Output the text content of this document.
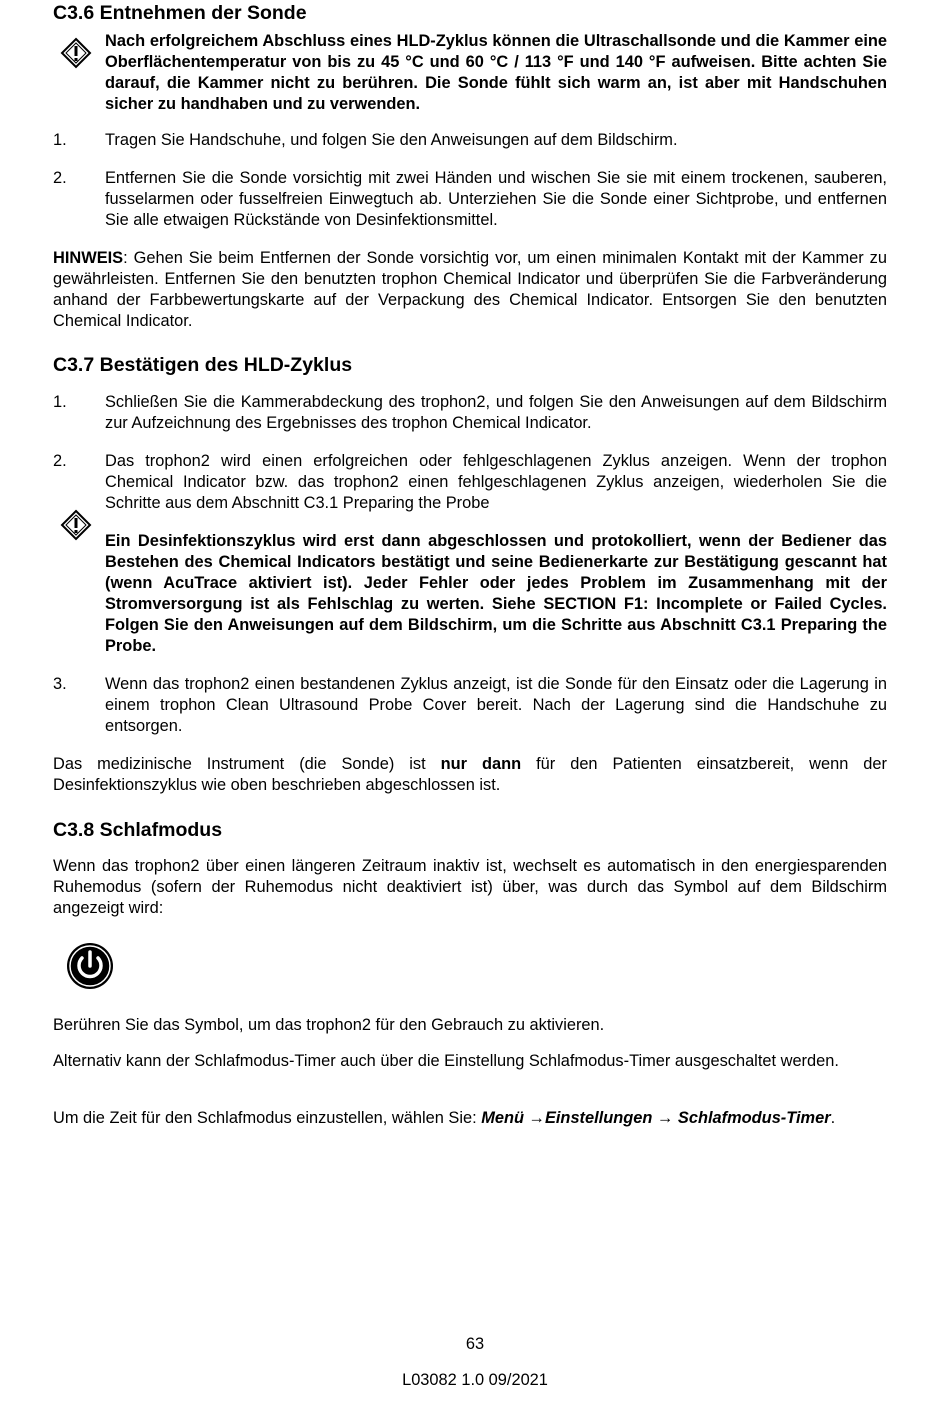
C3.6 Entnehmen der Sonde
Nach erfolgreichem Abschluss eines HLD-Zyklus können die Ultraschallsonde und die Kammer eine Oberflächentemperatur von bis zu 45 °C und 60 °C / 113 °F und 140 °F aufweisen. Bitte achten Sie darauf, die Kammer nicht zu berühren. Die Sonde fühlt sich warm an, ist aber mit Handschuhen sicher zu handhaben und zu verwenden.
1.	Tragen Sie Handschuhe, und folgen Sie den Anweisungen auf dem Bildschirm.
2.	Entfernen Sie die Sonde vorsichtig mit zwei Händen und wischen Sie sie mit einem trockenen, sauberen, fusselarmen oder fusselfreien Einwegtuch ab. Unterziehen Sie die Sonde einer Sichtprobe, und entfernen Sie alle etwaigen Rückstände von Desinfektionsmittel.
HINWEIS: Gehen Sie beim Entfernen der Sonde vorsichtig vor, um einen minimalen Kontakt mit der Kammer zu gewährleisten. Entfernen Sie den benutzten trophon Chemical Indicator und überprüfen Sie die Farbveränderung anhand der Farbbewertungskarte auf der Verpackung des Chemical Indicator. Entsorgen Sie den benutzten Chemical Indicator.
C3.7 Bestätigen des HLD-Zyklus
1.	Schließen Sie die Kammerabdeckung des trophon2, und folgen Sie den Anweisungen auf dem Bildschirm zur Aufzeichnung des Ergebnisses des trophon Chemical Indicator.
2.	Das trophon2 wird einen erfolgreichen oder fehlgeschlagenen Zyklus anzeigen. Wenn der trophon Chemical Indicator bzw. das trophon2 einen fehlgeschlagenen Zyklus anzeigen, wiederholen Sie die Schritte aus dem Abschnitt C3.1 Preparing the Probe
Ein Desinfektionszyklus wird erst dann abgeschlossen und protokolliert, wenn der Bediener das Bestehen des Chemical Indicators bestätigt und seine Bedienerkarte zur Bestätigung gescannt hat (wenn AcuTrace aktiviert ist). Jeder Fehler oder jedes Problem im Zusammenhang mit der Stromversorgung ist als Fehlschlag zu werten. Siehe SECTION F1: Incomplete or Failed Cycles. Folgen Sie den Anweisungen auf dem Bildschirm, um die Schritte aus Abschnitt C3.1 Preparing the Probe.
3.	Wenn das trophon2 einen bestandenen Zyklus anzeigt, ist die Sonde für den Einsatz oder die Lagerung in einem trophon Clean Ultrasound Probe Cover bereit. Nach der Lagerung sind die Handschuhe zu entsorgen.
Das medizinische Instrument (die Sonde) ist nur dann für den Patienten einsatzbereit, wenn der Desinfektionszyklus wie oben beschrieben abgeschlossen ist.
C3.8 Schlafmodus
Wenn das trophon2 über einen längeren Zeitraum inaktiv ist, wechselt es automatisch in den energiesparenden Ruhemodus (sofern der Ruhemodus nicht deaktiviert ist) über, was durch das Symbol auf dem Bildschirm angezeigt wird:
Berühren Sie das Symbol, um das trophon2 für den Gebrauch zu aktivieren.
Alternativ kann der Schlafmodus-Timer auch über die Einstellung Schlafmodus-Timer ausgeschaltet werden.
Um die Zeit für den Schlafmodus einzustellen, wählen Sie: Menü →Einstellungen → Schlafmodus-Timer.
63
L03082 1.0 09/2021
